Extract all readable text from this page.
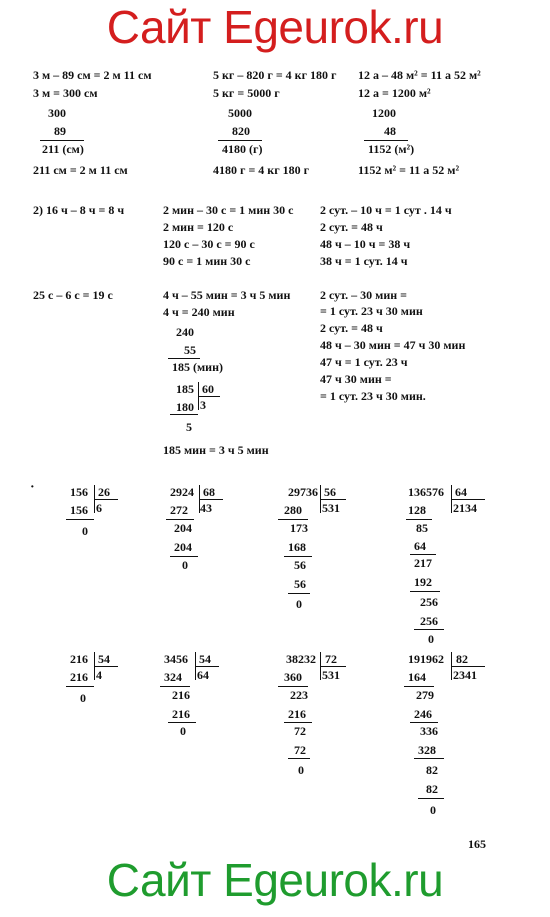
Сайт Egeurok.ru
3 м – 89 см = 2 м 11 см
3 м = 300 см
300
89
211 (см)
211 см = 2 м 11 см
5 кг – 820 г = 4 кг 180 г
5 кг = 5000 г
5000
820
4180 (г)
4180 г = 4 кг 180 г
12 а – 48 м² = 11 а 52 м²
12 а = 1200 м²
1200
48
1152 (м²)
1152 м² = 11 а 52 м²
2) 16 ч – 8 ч = 8 ч	2 мин – 30 с = 1 мин 30 с
2 мин = 120 с
120 с – 30 с = 90 с
90 с = 1 мин 30 с
2 сут. – 10 ч = 1 сут . 14 ч
2 сут. = 48 ч
48 ч – 10 ч = 38 ч
38 ч = 1 сут. 14 ч
25 с – 6 с = 19 с	4 ч – 55 мин = 3 ч 5 мин
4 ч = 240 мин
240
55
185 (мин)
185 60
180 3
5
185 мин = 3 ч 5 мин
2 сут. – 30 мин =
= 1 сут. 23 ч 30 мин
2 сут. = 48 ч
48 ч – 30 мин = 47 ч 30 мин
47 ч = 1 сут. 23 ч
47 ч 30 мин =
= 1 сут. 23 ч 30 мин.
·	156 26
156 6
0
2924 68
272 43
204
204
0
29736 56
280 531
173
168
56
56
0
136576 64
128 2134
85
64
217
192
256
256
0
216 54
216 4
0
3456 54
324 64
216
216
0
38232 72
360 531
223
216
72
72
0
191962 82
164 2341
279
246
336
328
82
82
0
165
Сайт Egeurok.ru
